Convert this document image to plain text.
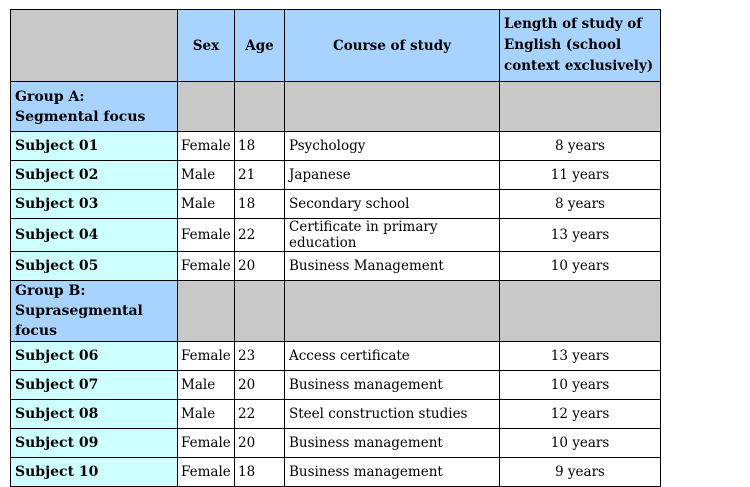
	Sex	Age	Course of study	Length of study of
English (school
context exclusively)
Group A:
Segmental focus				
Subject 01	Female	18	Psychology	8 years
Subject 02	Male	21	Japanese	11 years
Subject 03	Male	18	Secondary school	8 years
Subject 04	Female	22	Certificate in primary education	13 years
Subject 05	Female	20	Business Management	10 years
Group B:
Suprasegmental focus				
Subject 06	Female	23	Access certificate	13 years
Subject 07	Male	20	Business management	10 years
Subject 08	Male	22	Steel construction studies	12 years
Subject 09	Female	20	Business management	10 years
Subject 10	Female	18	Business management	9 years
